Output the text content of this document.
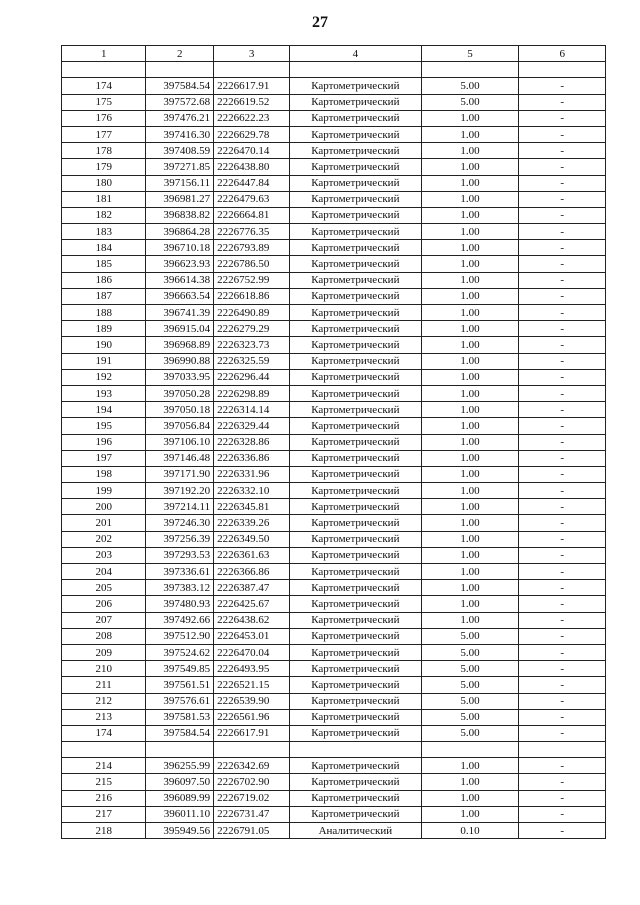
27
1	2	3	4	5	6

174	397584.54	2226617.91	Картометрический	5.00	-
175	397572.68	2226619.52	Картометрический	5.00	-
176	397476.21	2226622.23	Картометрический	1.00	-
177	397416.30	2226629.78	Картометрический	1.00	-
178	397408.59	2226470.14	Картометрический	1.00	-
179	397271.85	2226438.80	Картометрический	1.00	-
180	397156.11	2226447.84	Картометрический	1.00	-
181	396981.27	2226479.63	Картометрический	1.00	-
182	396838.82	2226664.81	Картометрический	1.00	-
183	396864.28	2226776.35	Картометрический	1.00	-
184	396710.18	2226793.89	Картометрический	1.00	-
185	396623.93	2226786.50	Картометрический	1.00	-
186	396614.38	2226752.99	Картометрический	1.00	-
187	396663.54	2226618.86	Картометрический	1.00	-
188	396741.39	2226490.89	Картометрический	1.00	-
189	396915.04	2226279.29	Картометрический	1.00	-
190	396968.89	2226323.73	Картометрический	1.00	-
191	396990.88	2226325.59	Картометрический	1.00	-
192	397033.95	2226296.44	Картометрический	1.00	-
193	397050.28	2226298.89	Картометрический	1.00	-
194	397050.18	2226314.14	Картометрический	1.00	-
195	397056.84	2226329.44	Картометрический	1.00	-
196	397106.10	2226328.86	Картометрический	1.00	-
197	397146.48	2226336.86	Картометрический	1.00	-
198	397171.90	2226331.96	Картометрический	1.00	-
199	397192.20	2226332.10	Картометрический	1.00	-
200	397214.11	2226345.81	Картометрический	1.00	-
201	397246.30	2226339.26	Картометрический	1.00	-
202	397256.39	2226349.50	Картометрический	1.00	-
203	397293.53	2226361.63	Картометрический	1.00	-
204	397336.61	2226366.86	Картометрический	1.00	-
205	397383.12	2226387.47	Картометрический	1.00	-
206	397480.93	2226425.67	Картометрический	1.00	-
207	397492.66	2226438.62	Картометрический	1.00	-
208	397512.90	2226453.01	Картометрический	5.00	-
209	397524.62	2226470.04	Картометрический	5.00	-
210	397549.85	2226493.95	Картометрический	5.00	-
211	397561.51	2226521.15	Картометрический	5.00	-
212	397576.61	2226539.90	Картометрический	5.00	-
213	397581.53	2226561.96	Картометрический	5.00	-
174	397584.54	2226617.91	Картометрический	5.00	-

214	396255.99	2226342.69	Картометрический	1.00	-
215	396097.50	2226702.90	Картометрический	1.00	-
216	396089.99	2226719.02	Картометрический	1.00	-
217	396011.10	2226731.47	Картометрический	1.00	-
218	395949.56	2226791.05	Аналитический	0.10	-
